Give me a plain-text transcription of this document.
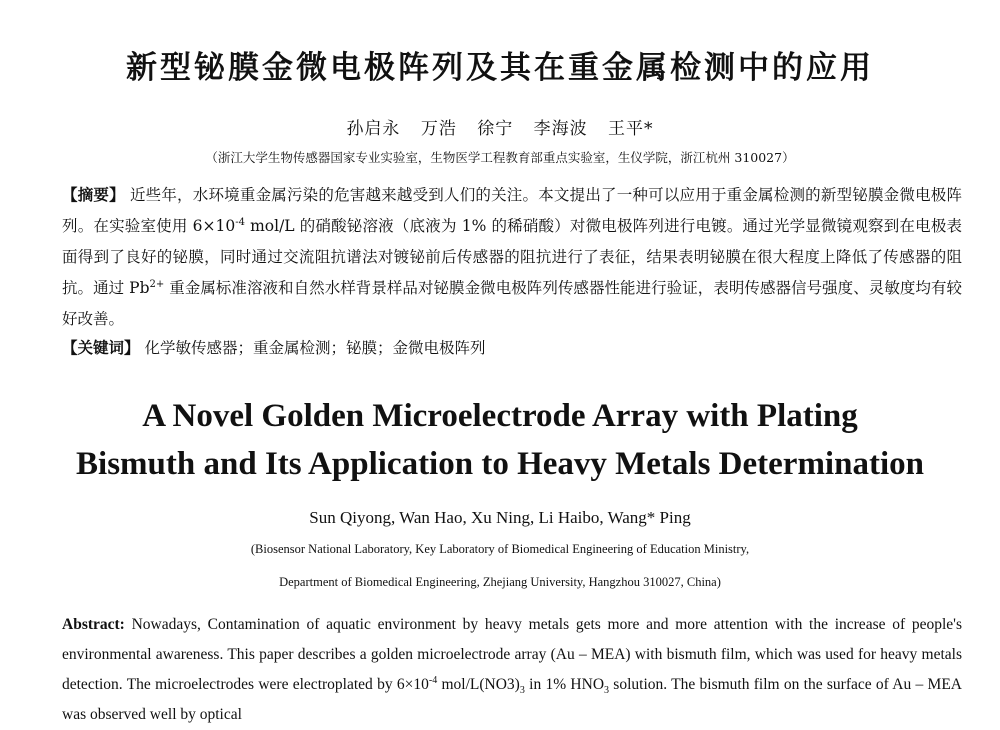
新型铋膜金微电极阵列及其在重金属检测中的应用
孙启永 万浩 徐宁 李海波 王平*
（浙江大学生物传感器国家专业实验室，生物医学工程教育部重点实验室，生仪学院，浙江杭州 310027）
【摘要】 近些年，水环境重金属污染的危害越来越受到人们的关注。本文提出了一种可以应用于重金属检测的新型铋膜金微电极阵列。在实验室使用 $6\times 10^{-4}$ mol/L 的硝酸铋溶液（底液为 1% 的稀硝酸）对微电极阵列进行电镀。通过光学显微镜观察到在电极表面得到了良好的铋膜，同时通过交流阻抗谱法对镀铋前后传感器的阻抗进行了表征，结果表明铋膜在很大程度上降低了传感器的阻抗。通过 $Pb^{2+}$ 重金属标准溶液和自然水样背景样品对铋膜金微电极阵列传感器性能进行验证，表明传感器信号强度、灵敏度均有较好改善。
【关键词】 化学敏传感器；重金属检测；铋膜；金微电极阵列
A Novel Golden Microelectrode Array with Plating
Bismuth and Its Application to Heavy Metals Determination
Sun Qiyong, Wan Hao, Xu Ning, Li Haibo, Wang* Ping
(Biosensor National Laboratory, Key Laboratory of Biomedical Engineering of Education Ministry,
Department of Biomedical Engineering, Zhejiang University, Hangzhou 310027, China)
Abstract: Nowadays, Contamination of aquatic environment by heavy metals gets more and more attention with the increase of people's environmental awareness. This paper describes a golden microelectrode array (Au – MEA) with bismuth film, which was used for heavy metals detection. The microelectrodes were electroplated by $6\times 10^{-4}$ mol/$L(NO3)_3$ in 1% $HNO_3$ solution. The bismuth film on the surface of Au – MEA was observed well by optical
